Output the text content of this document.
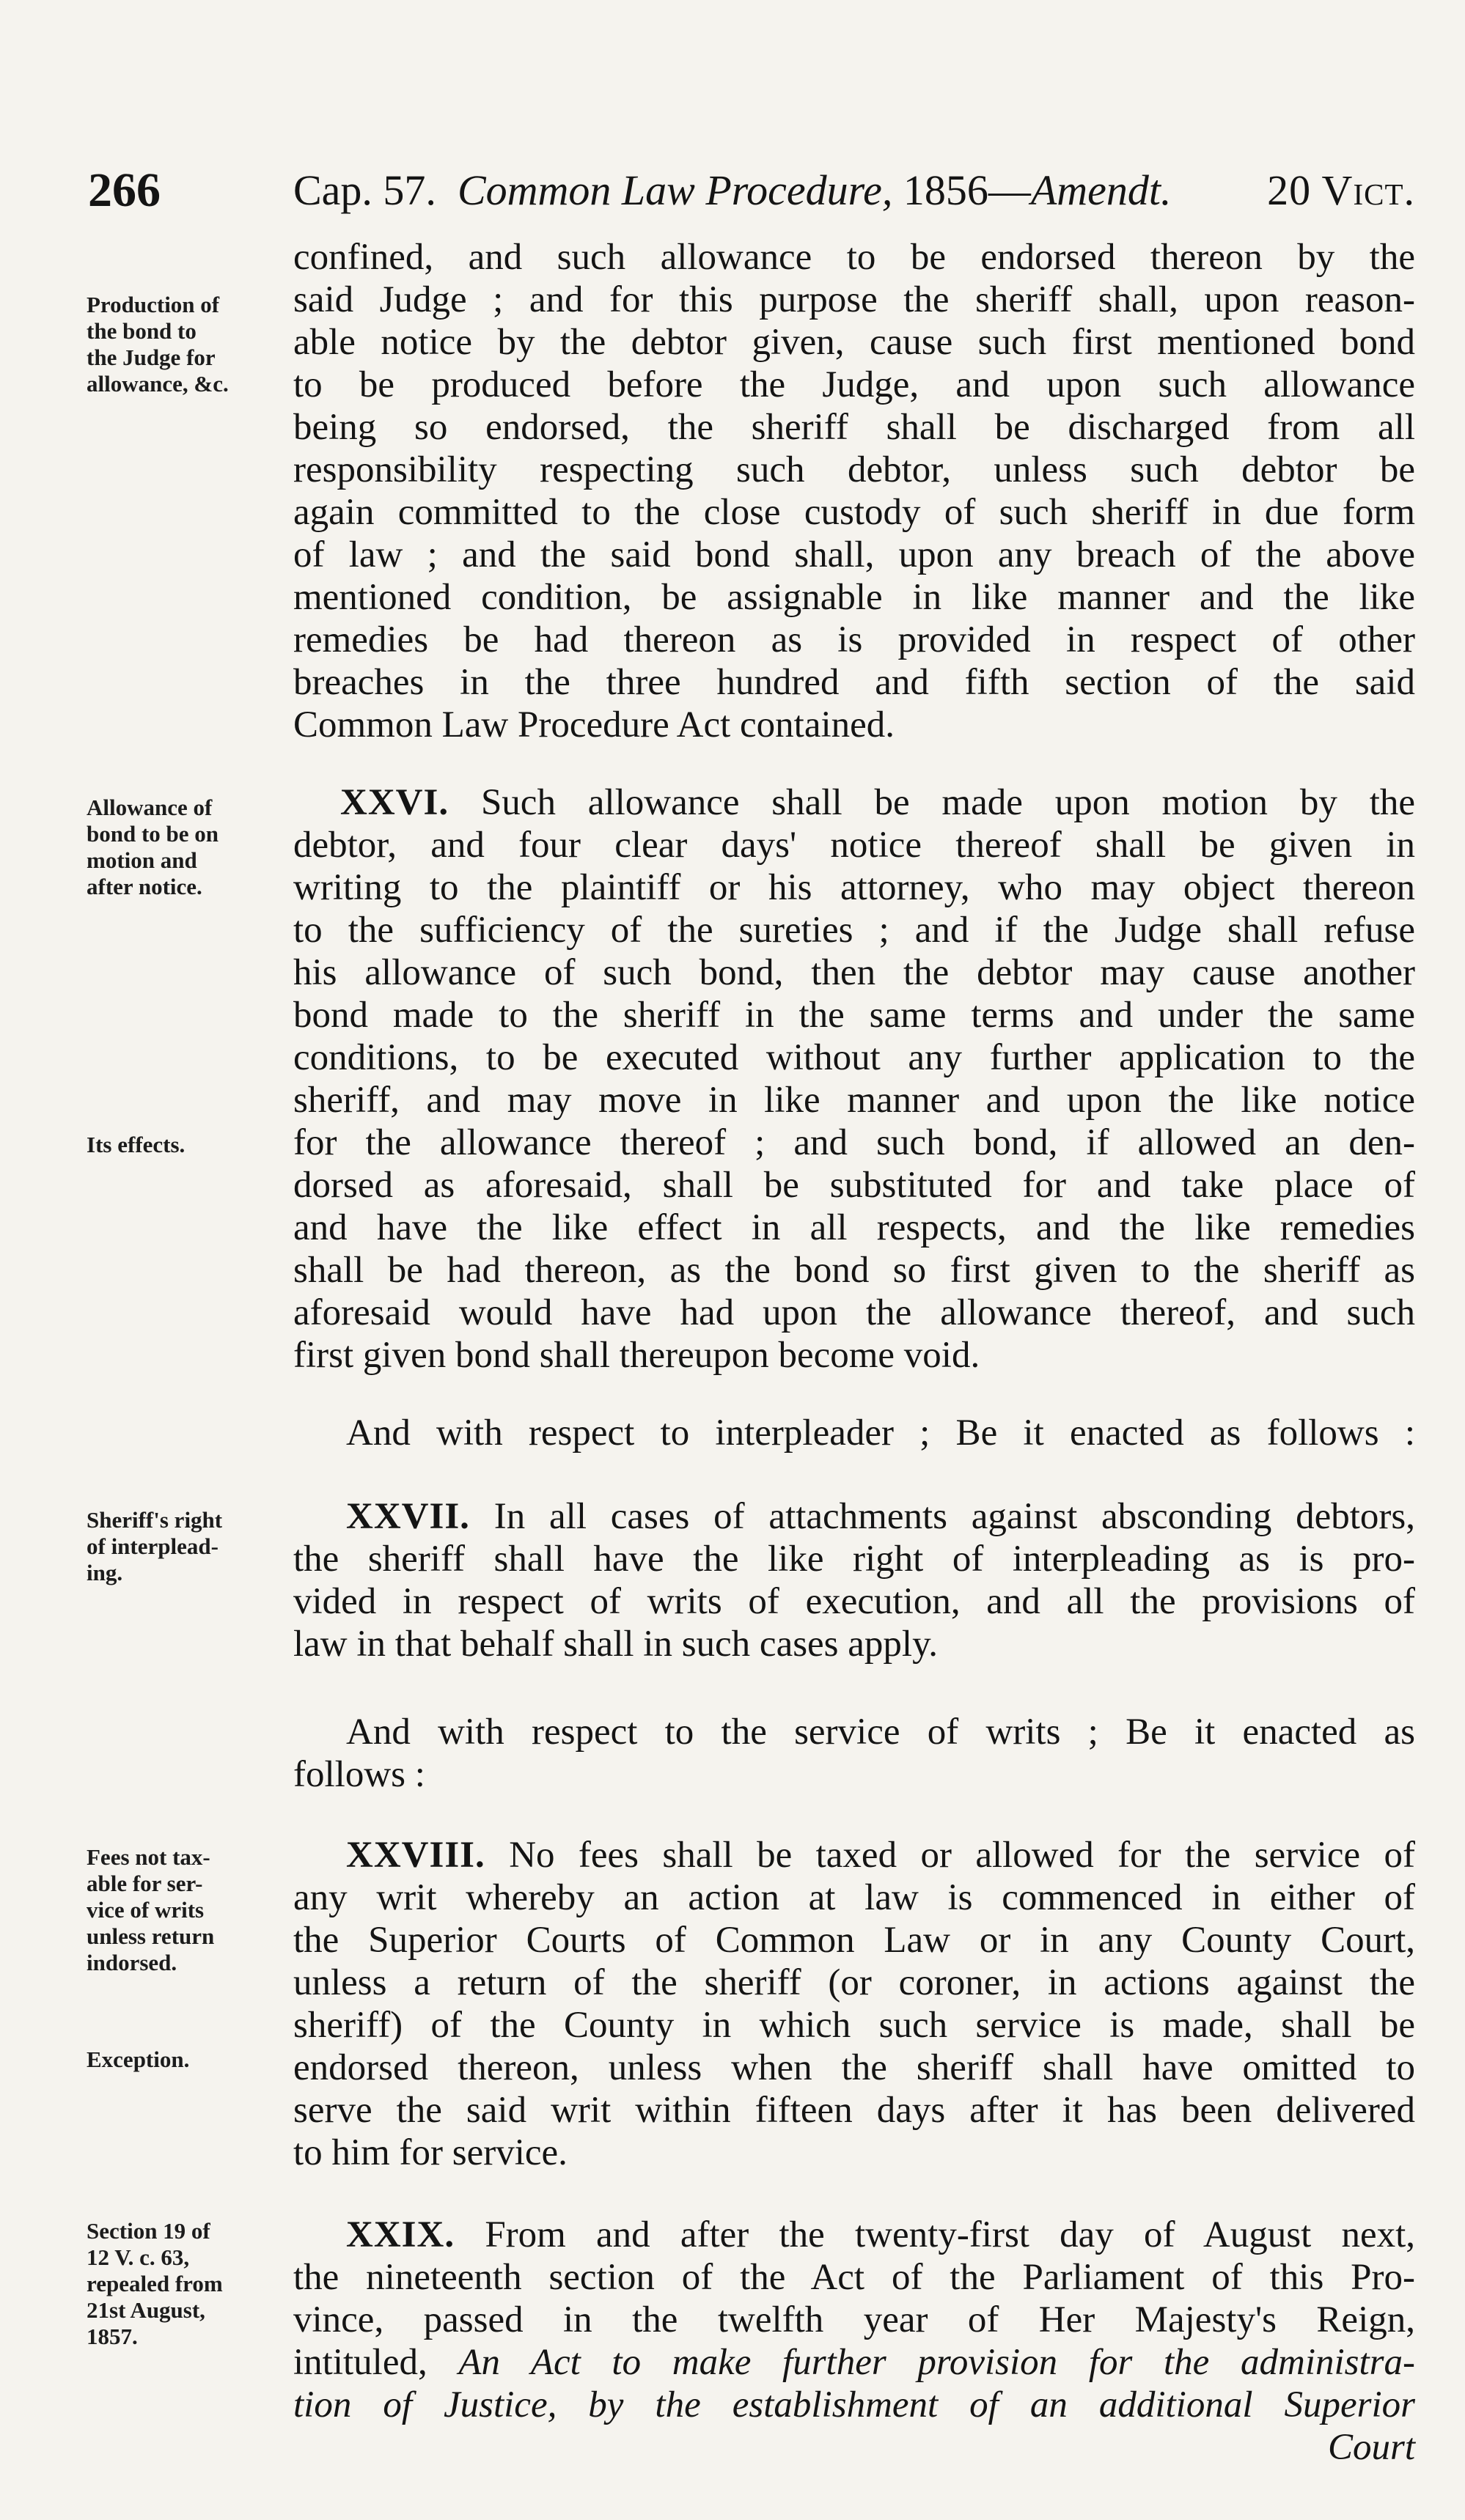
266	Cap. 57. Common Law Procedure, 1856—Amendt. 20 Vict.
Production of
the bond to
the Judge for
allowance, &c.
Allowance of
bond to be on
motion and
after notice.
Its effects.
Sheriff's right
of interplead-
ing.
Fees not tax-
able for ser-
vice of writs
unless return
indorsed.
Exception.
Section 19 of
12 V. c. 63,
repealed from
21st August,
1857.
confined, and such allowance to be endorsed thereon by the
said Judge ; and for this purpose the sheriff shall, upon reason-
able notice by the debtor given, cause such first mentioned bond
to be produced before the Judge, and upon such allowance
being so endorsed, the sheriff shall be discharged from all
responsibility respecting such debtor, unless such debtor be
again committed to the close custody of such sheriff in due form
of law ; and the said bond shall, upon any breach of the above
mentioned condition, be assignable in like manner and the like
remedies be had thereon as is provided in respect of other
breaches in the three hundred and fifth section of the said
Common Law Procedure Act contained.
XXVI. Such allowance shall be made upon motion by the
debtor, and four clear days' notice thereof shall be given in
writing to the plaintiff or his attorney, who may object thereon
to the sufficiency of the sureties ; and if the Judge shall refuse
his allowance of such bond, then the debtor may cause another
bond made to the sheriff in the same terms and under the same
conditions, to be executed without any further application to the
sheriff, and may move in like manner and upon the like notice
for the allowance thereof ; and such bond, if allowed an den-
dorsed as aforesaid, shall be substituted for and take place of
and have the like effect in all respects, and the like remedies
shall be had thereon, as the bond so first given to the sheriff as
aforesaid would have had upon the allowance thereof, and such
first given bond shall thereupon become void.
And with respect to interpleader ; Be it enacted as follows :
XXVII. In all cases of attachments against absconding debtors,
the sheriff shall have the like right of interpleading as is pro-
vided in respect of writs of execution, and all the provisions of
law in that behalf shall in such cases apply.
And with respect to the service of writs ; Be it enacted as
follows :
XXVIII. No fees shall be taxed or allowed for the service of
any writ whereby an action at law is commenced in either of
the Superior Courts of Common Law or in any County Court,
unless a return of the sheriff (or coroner, in actions against the
sheriff) of the County in which such service is made, shall be
endorsed thereon, unless when the sheriff shall have omitted to
serve the said writ within fifteen days after it has been delivered
to him for service.
XXIX. From and after the twenty-first day of August next,
the nineteenth section of the Act of the Parliament of this Pro-
vince, passed in the twelfth year of Her Majesty's Reign,
intituled, An Act to make further provision for the administra-
tion of Justice, by the establishment of an additional Superior
Court
